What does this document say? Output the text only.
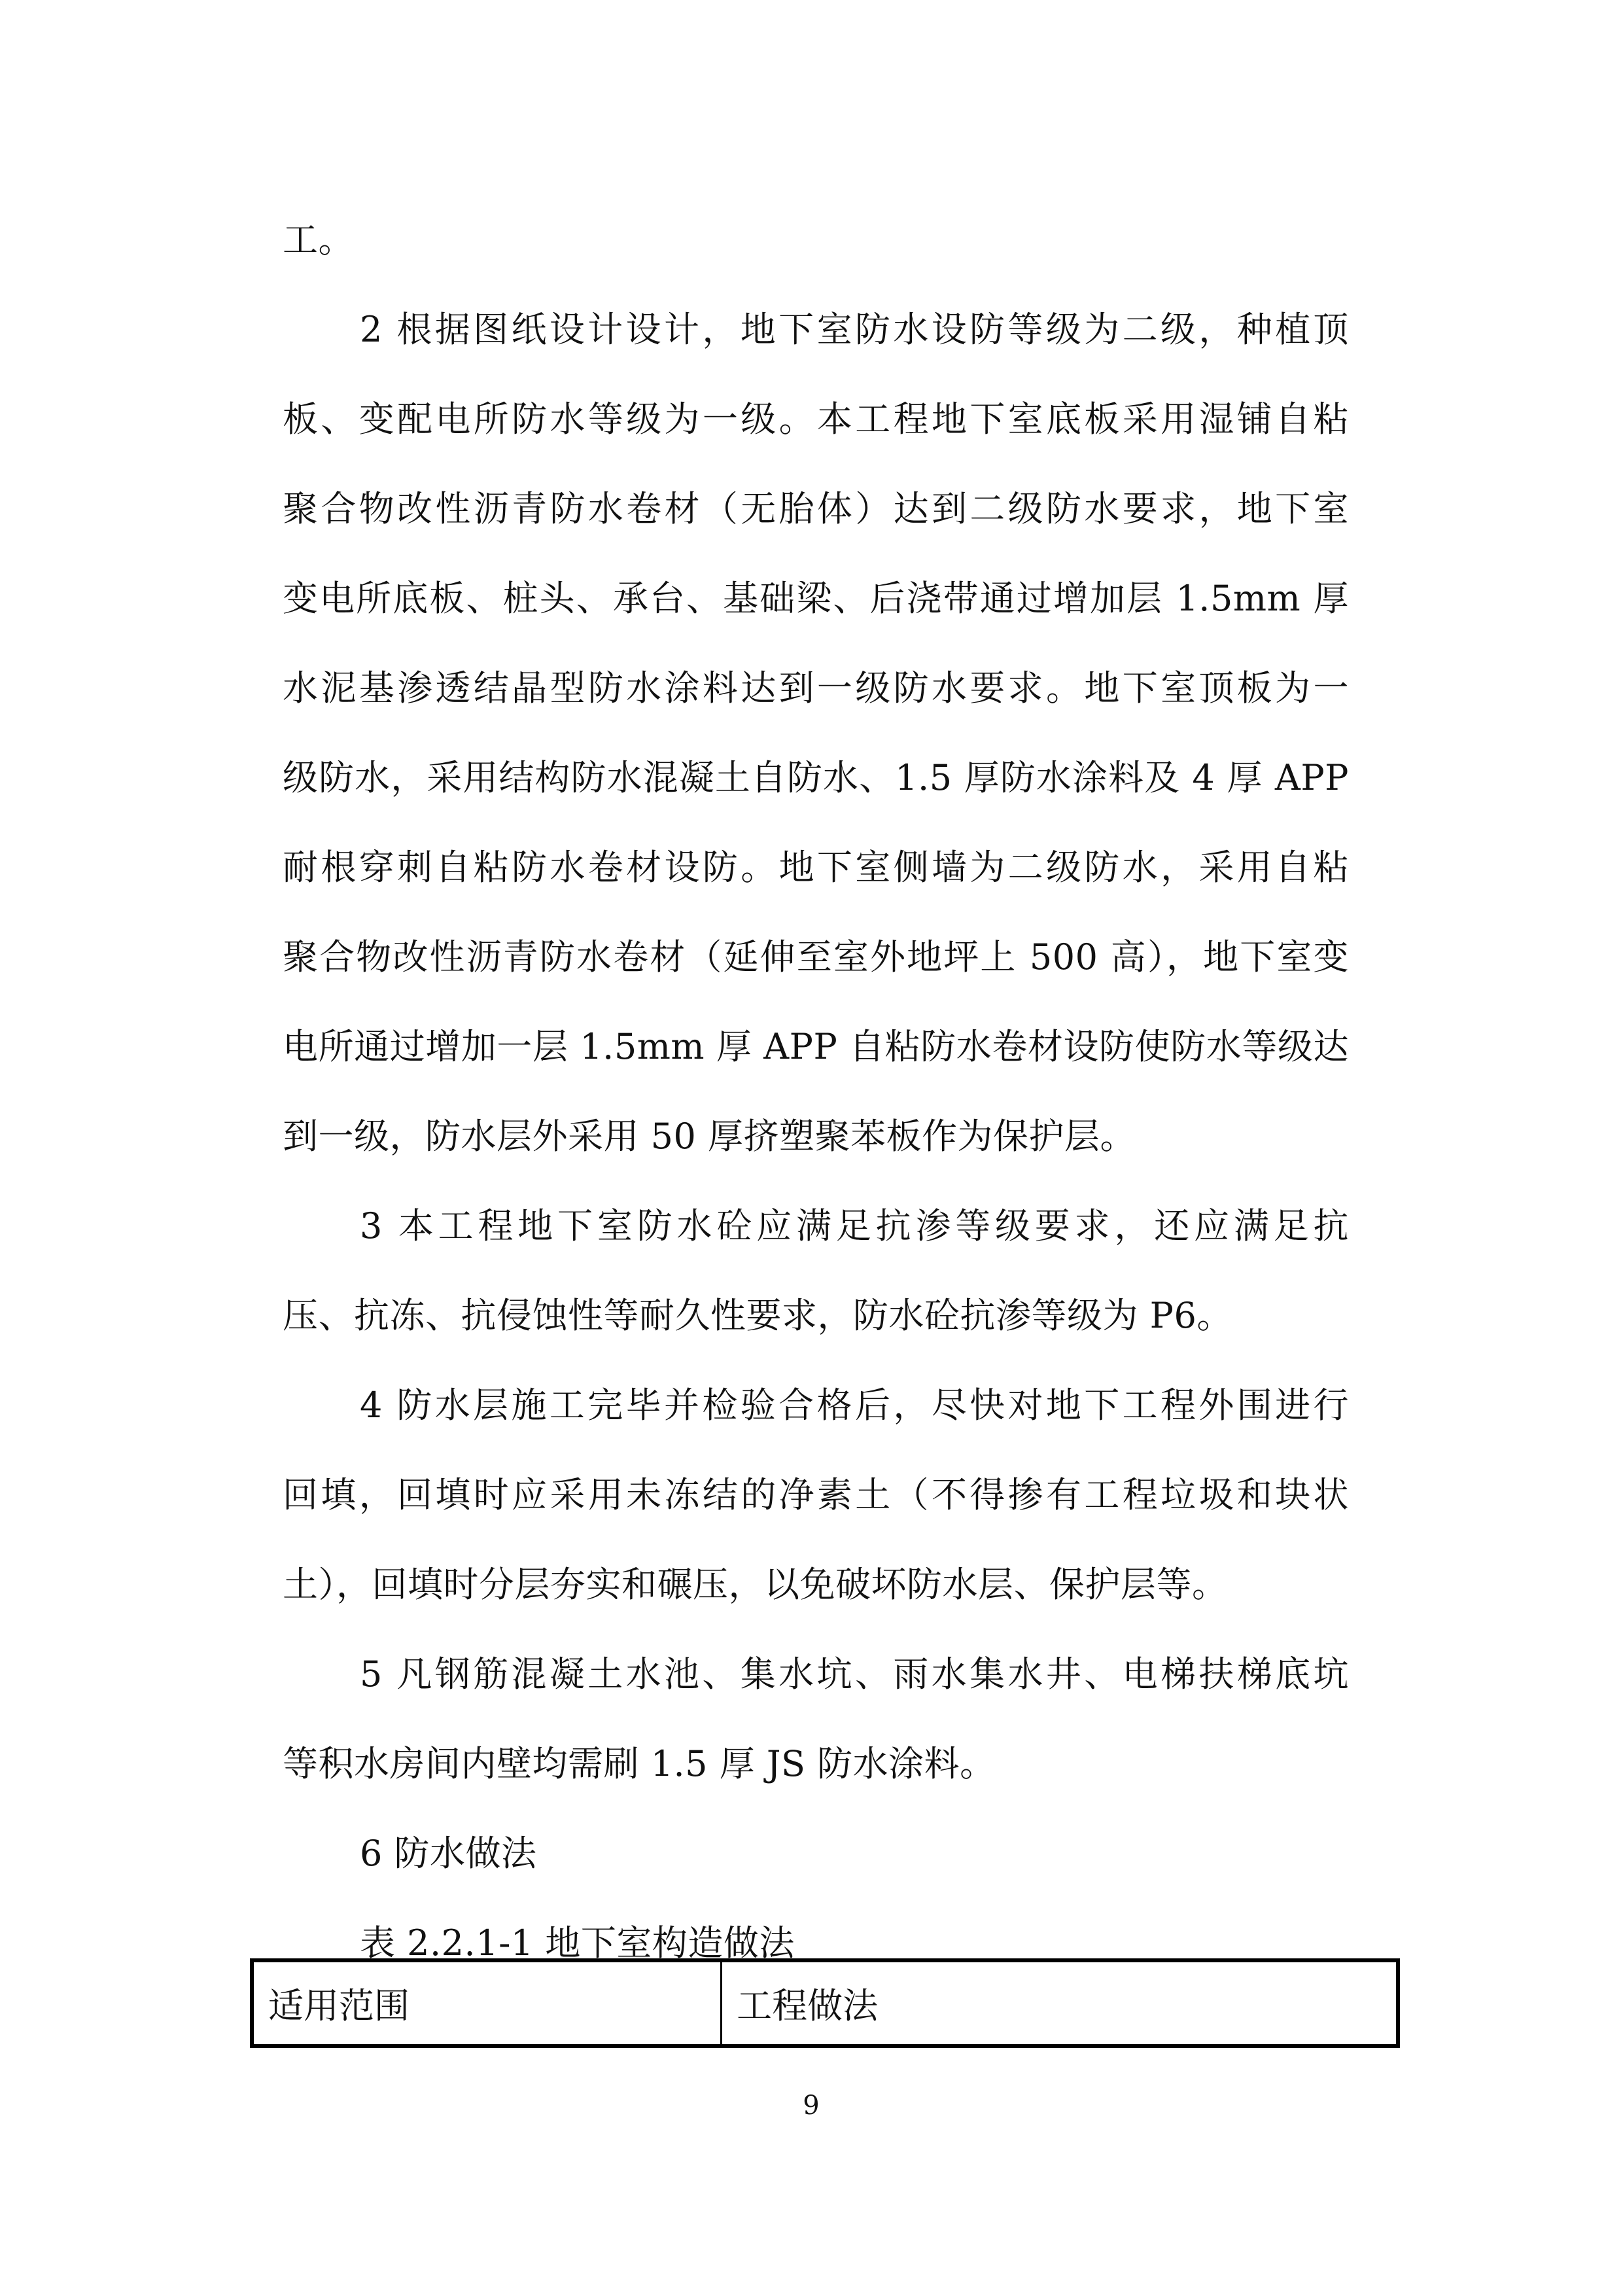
工。
2 根据图纸设计设计，地下室防水设防等级为二级，种植顶
板、变配电所防水等级为一级。本工程地下室底板采用湿铺自粘
聚合物改性沥青防水卷材（无胎体）达到二级防水要求，地下室
变电所底板、桩头、承台、基础梁、后浇带通过增加层 1.5mm 厚
水泥基渗透结晶型防水涂料达到一级防水要求。地下室顶板为一
级防水，采用结构防水混凝土自防水、1.5 厚防水涂料及 4 厚 APP
耐根穿刺自粘防水卷材设防。地下室侧墙为二级防水，采用自粘
聚合物改性沥青防水卷材（延伸至室外地坪上 500 高），地下室变
电所通过增加一层 1.5mm 厚 APP 自粘防水卷材设防使防水等级达
到一级，防水层外采用 50 厚挤塑聚苯板作为保护层。
3 本工程地下室防水砼应满足抗渗等级要求，还应满足抗
压、抗冻、抗侵蚀性等耐久性要求，防水砼抗渗等级为 P6。
4 防水层施工完毕并检验合格后，尽快对地下工程外围进行
回填，回填时应采用未冻结的净素土（不得掺有工程垃圾和块状
土），回填时分层夯实和碾压，以免破坏防水层、保护层等。
5 凡钢筋混凝土水池、集水坑、雨水集水井、电梯扶梯底坑
等积水房间内壁均需刷 1.5 厚 JS 防水涂料。
6 防水做法
表 2.2.1-1 地下室构造做法
适用范围	工程做法
9
